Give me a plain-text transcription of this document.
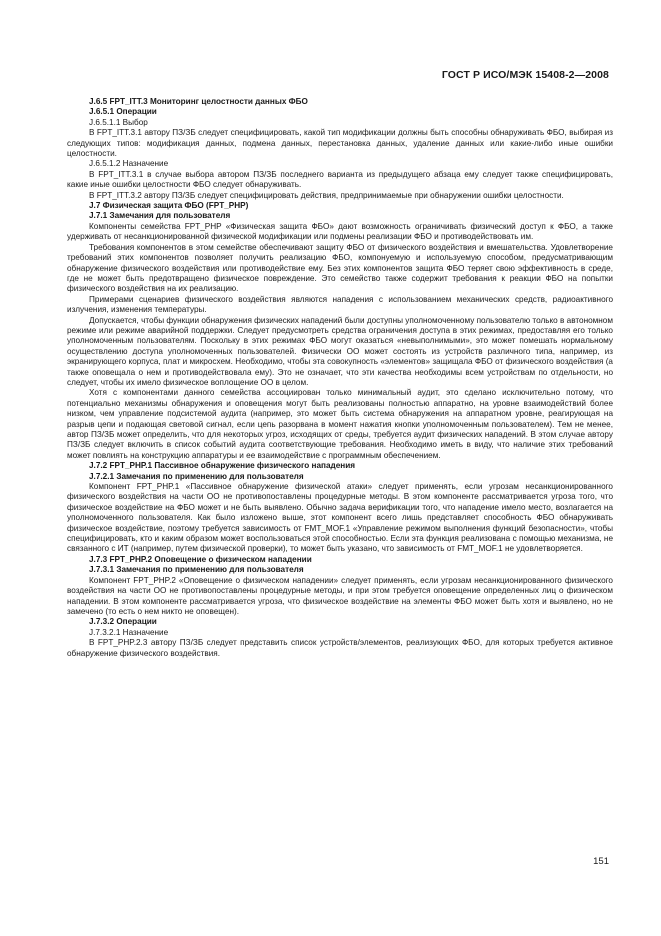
ГОСТ Р ИСО/МЭК 15408-2—2008
J.6.5 FPT_ITT.3 Мониторинг целостности данных ФБО
J.6.5.1 Операции
J.6.5.1.1 Выбор

В FPT_ITT.3.1 автору ПЗ/ЗБ следует специфицировать, какой тип модификации должны быть способны обнаруживать ФБО, выбирая из следующих типов: модификация данных, подмена данных, перестановка данных, удаление данных или какие-либо иные ошибки целостности.

J.6.5.1.2 Назначение

В FPT_ITT.3.1 в случае выбора автором ПЗ/ЗБ последнего варианта из предыдущего абзаца ему следует также специфицировать, какие иные ошибки целостности ФБО следует обнаруживать.

В FPT_ITT.3.2 автору ПЗ/ЗБ следует специфицировать действия, предпринимаемые при обнаружении ошибки целостности.

J.7 Физическая защита ФБО (FPT_PHP)
J.7.1 Замечания для пользователя

Компоненты семейства FPT_PHP «Физическая защита ФБО» дают возможность ограничивать физический доступ к ФБО, а также удерживать от несанкционированной физической модификации или подмены реализации ФБО и противодействовать им.

Требования компонентов в этом семействе обеспечивают защиту ФБО от физического воздействия и вмешательства. Удовлетворение требований этих компонентов позволяет получить реализацию ФБО, компонуемую и используемую способом, предусматривающим обнаружение физического воздействия или противодействие ему. Без этих компонентов защита ФБО теряет свою эффективность в среде, где не может быть предотвращено физическое повреждение. Это семейство также содержит требования к реакции ФБО на попытки физического воздействия на их реализацию.

Примерами сценариев физического воздействия являются нападения с использованием механических средств, радиоактивного излучения, изменения температуры.

Допускается, чтобы функции обнаружения физических нападений были доступны уполномоченному пользователю только в автономном режиме или режиме аварийной поддержки. Следует предусмотреть средства ограничения доступа в этих режимах, предоставляя его только уполномоченным пользователям. Поскольку в этих режимах ФБО могут оказаться «невыполнимыми», это может помешать нормальному осуществлению доступа уполномоченных пользователей. Физически ОО может состоять из устройств различного типа, например, из экранирующего корпуса, плат и микросхем. Необходимо, чтобы эта совокупность «элементов» защищала ФБО от физического воздействия (а также оповещала о нем и противодействовала ему). Это не означает, что эти качества необходимы всем устройствам по отдельности, но следует, чтобы их имело физическое воплощение ОО в целом.

Хотя с компонентами данного семейства ассоциирован только минимальный аудит, это сделано исключительно потому, что потенциально механизмы обнаружения и оповещения могут быть реализованы полностью аппаратно, на уровне взаимодействий более низком, чем управление подсистемой аудита (например, это может быть система обнаружения на аппаратном уровне, реагирующая на разрыв цепи и подающая световой сигнал, если цепь разорвана в момент нажатия кнопки уполномоченным пользователем). Тем не менее, автор ПЗ/ЗБ может определить, что для некоторых угроз, исходящих от среды, требуется аудит физических нападений. В этом случае автору ПЗ/ЗБ следует включить в список событий аудита соответствующие требования. Необходимо иметь в виду, что наличие этих требований может повлиять на конструкцию аппаратуры и ее взаимодействие с программным обеспечением.

J.7.2 FPT_PHP.1 Пассивное обнаружение физического нападения
J.7.2.1 Замечания по применению для пользователя

Компонент FPT_PHP.1 «Пассивное обнаружение физической атаки» следует применять, если угрозам несанкционированного физического воздействия на части ОО не противопоставлены процедурные методы. В этом компоненте рассматривается угроза того, что физическое воздействие на ФБО может и не быть выявлено. Обычно задача верификации того, что нападение имело место, возлагается на уполномоченного пользователя. Как было изложено выше, этот компонент всего лишь представляет способность ФБО обнаруживать физическое воздействие, поэтому требуется зависимость от FMT_MOF.1 «Управление режимом выполнения функций безопасности», чтобы специфицировать, кто и каким образом может воспользоваться этой способностью. Если эта функция реализована с помощью механизма, не связанного с ИТ (например, путем физической проверки), то может быть указано, что зависимость от FMT_MOF.1 не удовлетворяется.

J.7.3 FPT_PHP.2 Оповещение о физическом нападении
J.7.3.1 Замечания по применению для пользователя

Компонент FPT_PHP.2 «Оповещение о физическом нападении» следует применять, если угрозам несанкционированного физического воздействия на части ОО не противопоставлены процедурные методы, и при этом требуется оповещение определенных лиц о физическом нападении. В этом компоненте рассматривается угроза, что физическое воздействие на элементы ФБО может быть хотя и выявлено, но не замечено (то есть о нем никто не оповещен).

J.7.3.2 Операции
J.7.3.2.1 Назначение

В FPT_PHP.2.3 автору ПЗ/ЗБ следует представить список устройств/элементов, реализующих ФБО, для которых требуется активное обнаружение физического воздействия.

151
